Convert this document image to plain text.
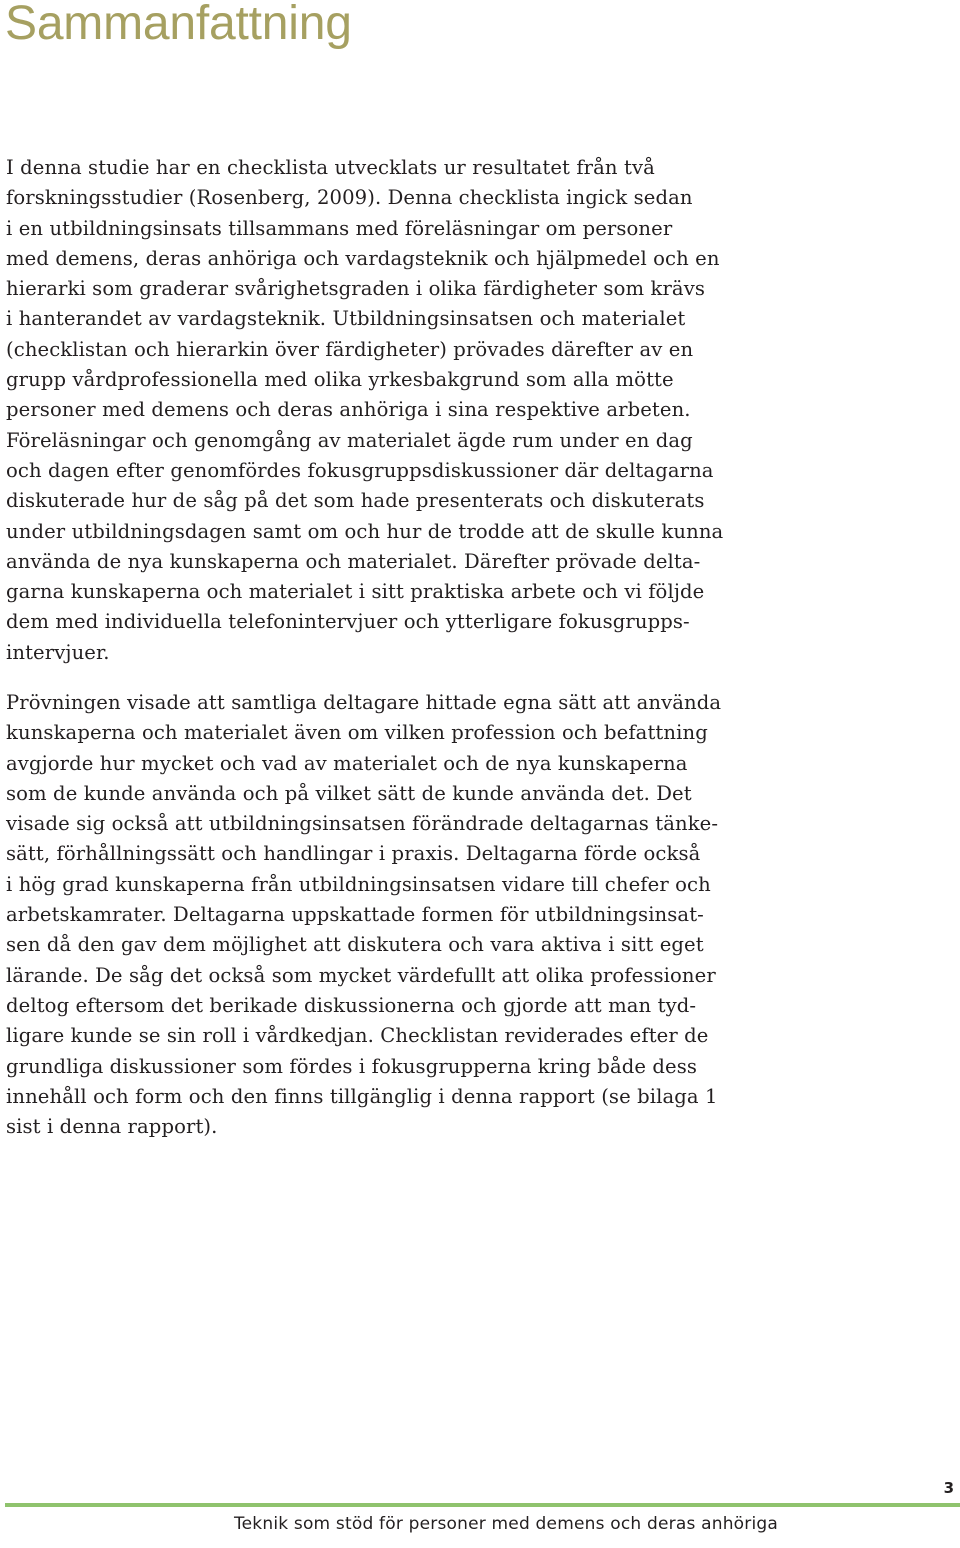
Sammanfattning

I denna studie har en checklista utvecklats ur resultatet från två
forskningsstudier (Rosenberg, 2009). Denna checklista ingick sedan
i en utbildningsinsats tillsammans med föreläsningar om personer
med demens, deras anhöriga och vardagsteknik och hjälpmedel och en
hierarki som graderar svårighetsgraden i olika färdigheter som krävs
i hanterandet av vardagsteknik. Utbildningsinsatsen och materialet
(checklistan och hierarkin över färdigheter) prövades därefter av en
grupp vårdprofessionella med olika yrkesbakgrund som alla mötte
personer med demens och deras anhöriga i sina respektive arbeten.
Föreläsningar och genomgång av materialet ägde rum under en dag
och dagen efter genomfördes fokusgruppsdiskussioner där deltagarna
diskuterade hur de såg på det som hade presenterats och diskuterats
under utbildningsdagen samt om och hur de trodde att de skulle kunna
använda de nya kunskaperna och materialet. Därefter prövade delta-
garna kunskaperna och materialet i sitt praktiska arbete och vi följde
dem med individuella telefonintervjuer och ytterligare fokusgrupps-
intervjuer.

Prövningen visade att samtliga deltagare hittade egna sätt att använda
kunskaperna och materialet även om vilken profession och befattning
avgjorde hur mycket och vad av materialet och de nya kunskaperna
som de kunde använda och på vilket sätt de kunde använda det. Det
visade sig också att utbildningsinsatsen förändrade deltagarnas tänke-
sätt, förhållningssätt och handlingar i praxis. Deltagarna förde också
i hög grad kunskaperna från utbildningsinsatsen vidare till chefer och
arbetskamrater. Deltagarna uppskattade formen för utbildningsinsat-
sen då den gav dem möjlighet att diskutera och vara aktiva i sitt eget
lärande. De såg det också som mycket värdefullt att olika professioner
deltog eftersom det berikade diskussionerna och gjorde att man tyd-
ligare kunde se sin roll i vårdkedjan. Checklistan reviderades efter de
grundliga diskussioner som fördes i fokusgrupperna kring både dess
innehåll och form och den finns tillgänglig i denna rapport (se bilaga 1
sist i denna rapport).

3
Teknik som stöd för personer med demens och deras anhöriga
